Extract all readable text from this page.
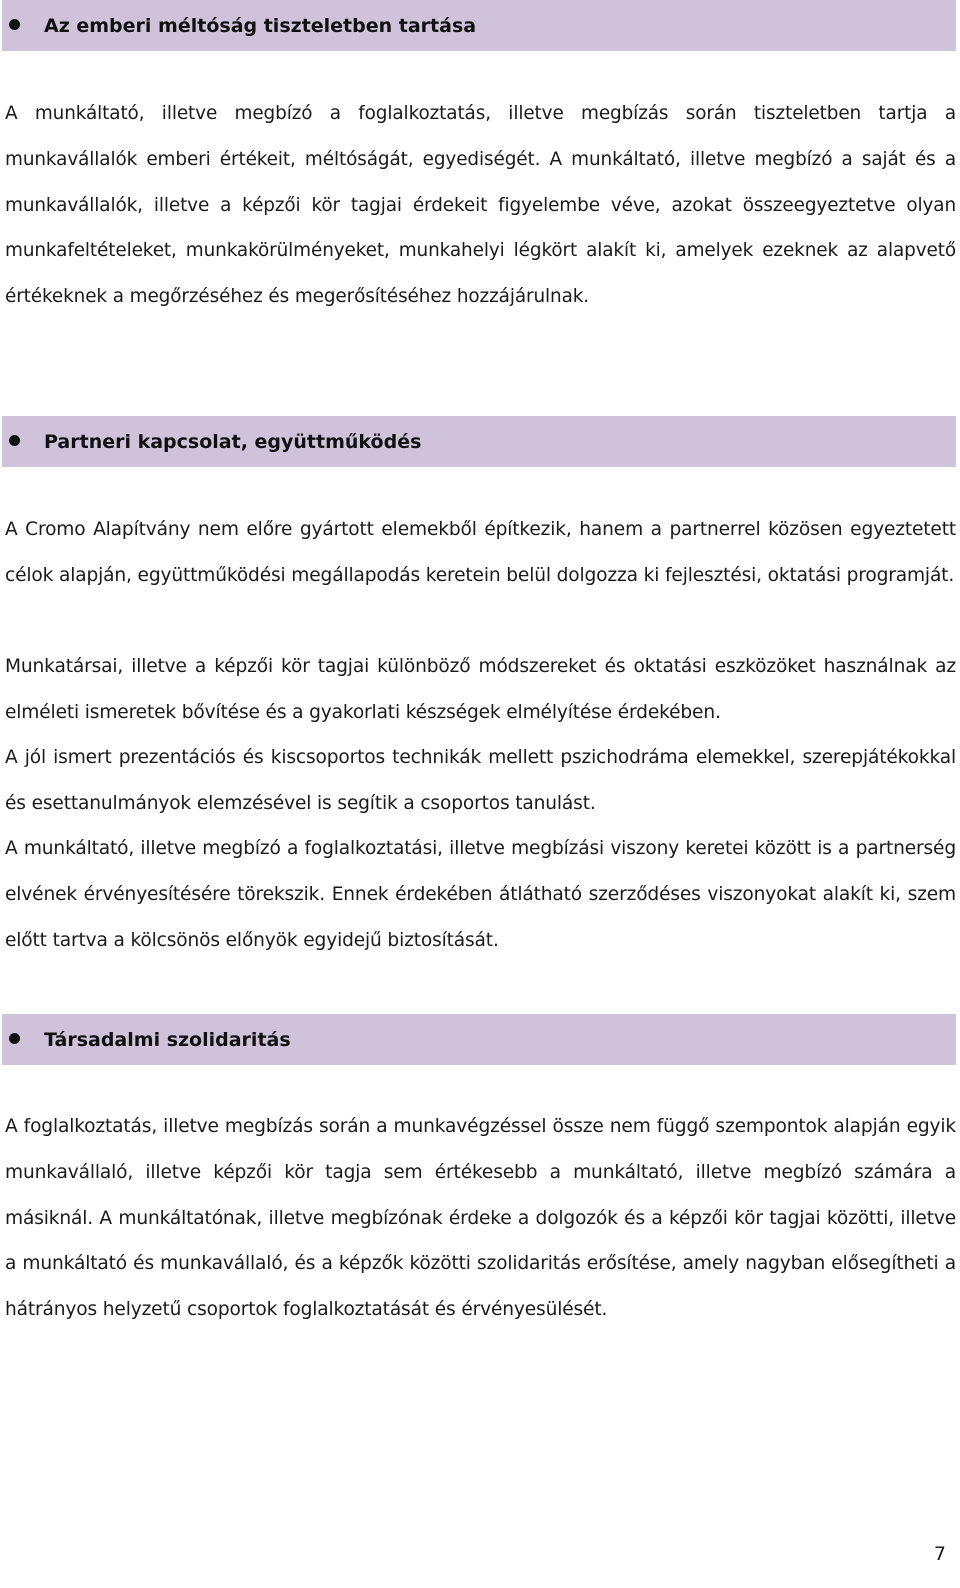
Az emberi méltóság tiszteletben tartása

A munkáltató, illetve megbízó a foglalkoztatás, illetve megbízás során tiszteletben tartja a munkavállalók emberi értékeit, méltóságát, egyediségét. A munkáltató, illetve megbízó a saját és a munkavállalók, illetve a képzői kör tagjai érdekeit figyelembe véve, azokat összeegyeztetve olyan munkafeltételeket, munkakörülményeket, munkahelyi légkört alakít ki, amelyek ezeknek az alapvető értékeknek a megőrzéséhez és megerősítéséhez hozzájárulnak.

Partneri kapcsolat, együttműködés

A Cromo Alapítvány nem előre gyártott elemekből építkezik, hanem a partnerrel közösen egyeztetett célok alapján, együttműködési megállapodás keretein belül dolgozza ki fejlesztési, oktatási programját.

Munkatársai, illetve a képzői kör tagjai különböző módszereket és oktatási eszközöket használnak az elméleti ismeretek bővítése és a gyakorlati készségek elmélyítése érdekében.

A jól ismert prezentációs és kiscsoportos technikák mellett pszichodráma elemekkel, szerepjátékokkal és esettanulmányok elemzésével is segítik a csoportos tanulást.

A munkáltató, illetve megbízó a foglalkoztatási, illetve megbízási viszony keretei között is a partnerség elvének érvényesítésére törekszik. Ennek érdekében átlátható szerződéses viszonyokat alakít ki, szem előtt tartva a kölcsönös előnyök egyidejű biztosítását.

Társadalmi szolidaritás

A foglalkoztatás, illetve megbízás során a munkavégzéssel össze nem függő szempontok alapján egyik munkavállaló, illetve képzői kör tagja sem értékesebb a munkáltató, illetve megbízó számára a másiknál. A munkáltatónak, illetve megbízónak érdeke a dolgozók és a képzői kör tagjai közötti, illetve a munkáltató és munkavállaló, és a képzők közötti szolidaritás erősítése, amely nagyban elősegítheti a hátrányos helyzetű csoportok foglalkoztatását és érvényesülését.

7
